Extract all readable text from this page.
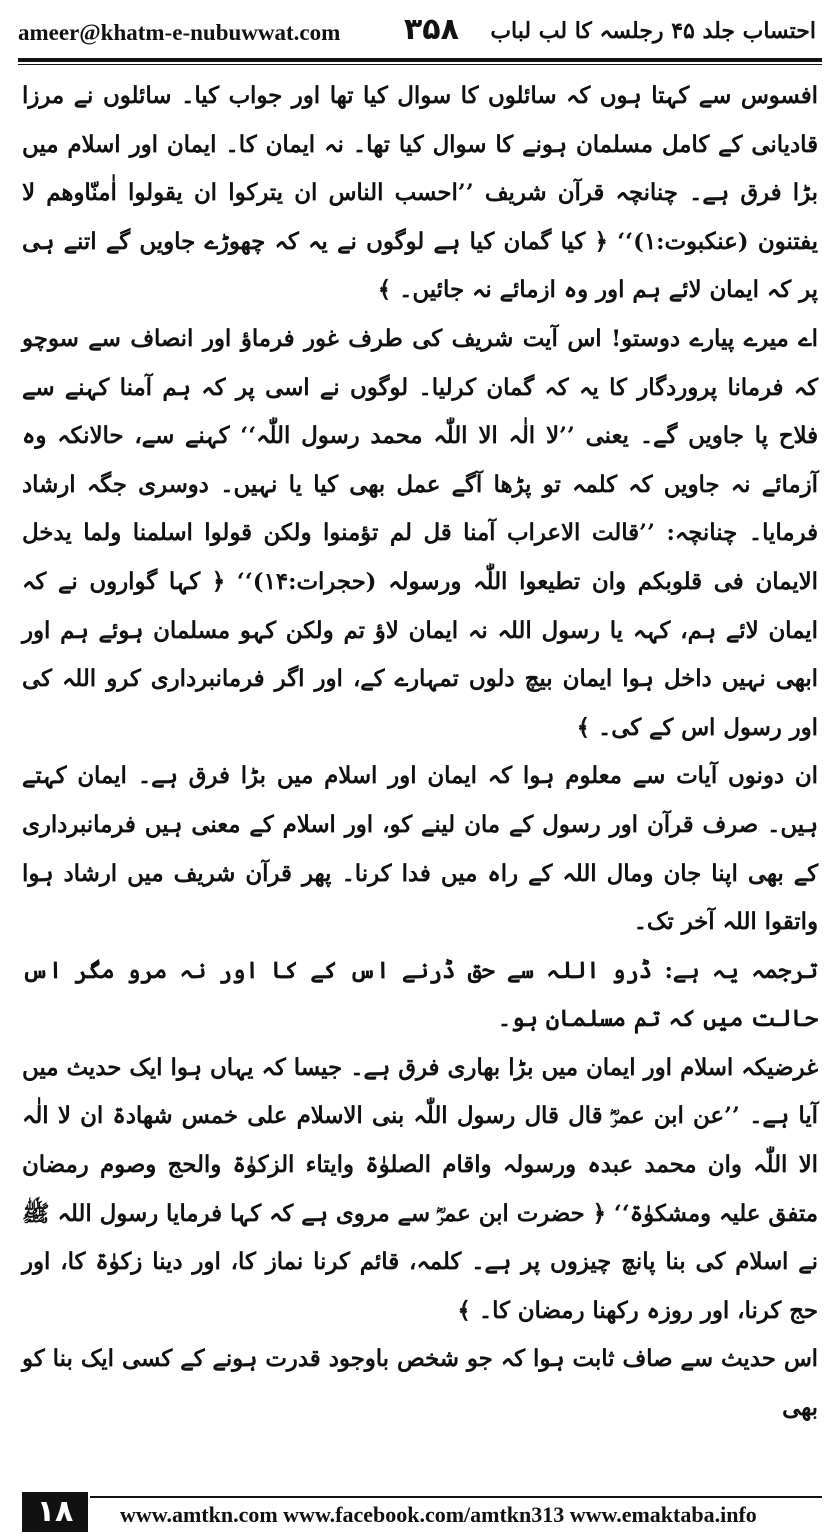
ameer@khatm-e-nubuwwat.com ۳۵۸ احتساب جلد ۴۵ رجلسہ کا لب لباب

افسوس سے کہتا ہوں کہ سائلوں کا سوال کیا تھا اور جواب کیا۔ سائلوں نے مرزا قادیانی کے کامل مسلمان ہونے کا سوال کیا تھا۔ نہ ایمان کا۔ ایمان اور اسلام میں بڑا فرق ہے۔ چنانچہ قرآن شریف ’’احسب الناس ان یترکوا ان یقولوا اٰمنّاوھم لا یفتنون (عنکبوت:۱)‘‘ ﴿ کیا گمان کیا ہے لوگوں نے یہ کہ چھوڑے جاویں گے اتنے ہی پر کہ ایمان لائے ہم اور وہ ازمائے نہ جائیں۔ ﴾

اے میرے پیارے دوستو! اس آیت شریف کی طرف غور فرماؤ اور انصاف سے سوچو کہ فرمانا پروردگار کا یہ کہ گمان کرلیا۔ لوگوں نے اسی پر کہ ہم آمنا کہنے سے فلاح پا جاویں گے۔ یعنی ’’لا الٰہ الا اللّٰہ محمد رسول اللّٰہ‘‘ کہنے سے، حالانکہ وہ آزمائے نہ جاویں کہ کلمہ تو پڑھا آگے عمل بھی کیا یا نہیں۔ دوسری جگہ ارشاد فرمایا۔ چنانچہ: ’’قالت الاعراب آمنا قل لم تؤمنوا ولکن قولوا اسلمنا ولما یدخل الایمان فی قلوبکم وان تطیعوا اللّٰہ ورسولہ (حجرات:۱۴)‘‘ ﴿ کہا گواروں نے کہ ایمان لائے ہم، کہہ یا رسول اللہ نہ ایمان لاؤ تم ولکن کہو مسلمان ہوئے ہم اور ابھی نہیں داخل ہوا ایمان بیچ دلوں تمہارے کے، اور اگر فرمانبرداری کرو اللہ کی اور رسول اس کے کی۔ ﴾

ان دونوں آیات سے معلوم ہوا کہ ایمان اور اسلام میں بڑا فرق ہے۔ ایمان کہتے ہیں۔ صرف قرآن اور رسول کے مان لینے کو، اور اسلام کے معنی ہیں فرمانبرداری کے بھی اپنا جان ومال اللہ کے راہ میں فدا کرنا۔ پھر قرآن شریف میں ارشاد ہوا واتقوا اللہ آخر تک۔

ترجمہ یہ ہے: ڈرو اللہ سے حق ڈرنے اس کے کا اور نہ مرو مگر اس حالت میں کہ تم مسلمان ہو۔

غرضیکہ اسلام اور ایمان میں بڑا بھاری فرق ہے۔ جیسا کہ یہاں ہوا ایک حدیث میں آیا ہے۔ ’’عن ابن عمرؓ قال قال رسول اللّٰہ بنی الاسلام علی خمس شھادۃ ان لا الٰہ الا اللّٰہ وان محمد عبدہ ورسولہ واقام الصلوٰۃ وایتاء الزکوٰۃ والحج وصوم رمضان متفق علیہ ومشکوٰۃ‘‘ ﴿ حضرت ابن عمرؓ سے مروی ہے کہ کہا فرمایا رسول اللہ ﷺ نے اسلام کی بنا پانچ چیزوں پر ہے۔ کلمہ، قائم کرنا نماز کا، اور دینا زکوٰۃ کا، اور حج کرنا، اور روزہ رکھنا رمضان کا۔ ﴾

اس حدیث سے صاف ثابت ہوا کہ جو شخص باوجود قدرت ہونے کے کسی ایک بنا کو بھی

۱۸	www.amtkn.com www.facebook.com/amtkn313 www.emaktaba.info
